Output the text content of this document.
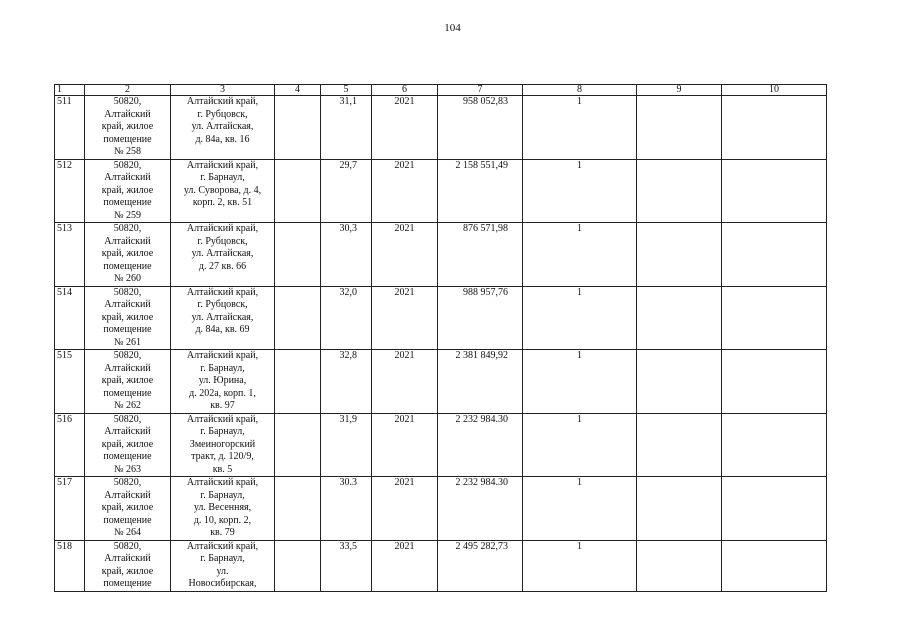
104
1	2	3	4	5	6	7	8	9	10
511	50820,
Алтайский
край, жилое
помещение
№ 258	Алтайский край,
г. Рубцовск,
ул. Алтайская,
д. 84а, кв. 16		31,1	2021	958 052,83	1		
512	50820,
Алтайский
край, жилое
помещение
№ 259	Алтайский край,
г. Барнаул,
ул. Суворова, д. 4,
корп. 2, кв. 51		29,7	2021	2 158 551,49	1		
513	50820,
Алтайский
край, жилое
помещение
№ 260	Алтайский край,
г. Рубцовск,
ул. Алтайская,
д. 27 кв. 66		30,3	2021	876 571,98	1		
514	50820,
Алтайский
край, жилое
помещение
№ 261	Алтайский край,
г. Рубцовск,
ул. Алтайская,
д. 84а, кв. 69		32,0	2021	988 957,76	1		
515	50820,
Алтайский
край, жилое
помещение
№ 262	Алтайский край,
г. Барнаул,
ул. Юрина,
д. 202а, корп. 1,
кв. 97		32,8	2021	2 381 849,92	1		
516	50820,
Алтайский
край, жилое
помещение
№ 263	Алтайский край,
г. Барнаул,
Змеиногорский
тракт, д. 120/9,
кв. 5		31,9	2021	2 232 984.30	1		
517	50820,
Алтайский
край, жилое
помещение
№ 264	Алтайский край,
г. Барнаул,
ул. Весенняя,
д. 10, корп. 2,
кв. 79		30.3	2021	2 232 984.30	1		
518	50820,
Алтайский
край, жилое
помещение	Алтайский край,
г. Барнаул,
ул.
Новосибирская,		33,5	2021	2 495 282,73	1		
